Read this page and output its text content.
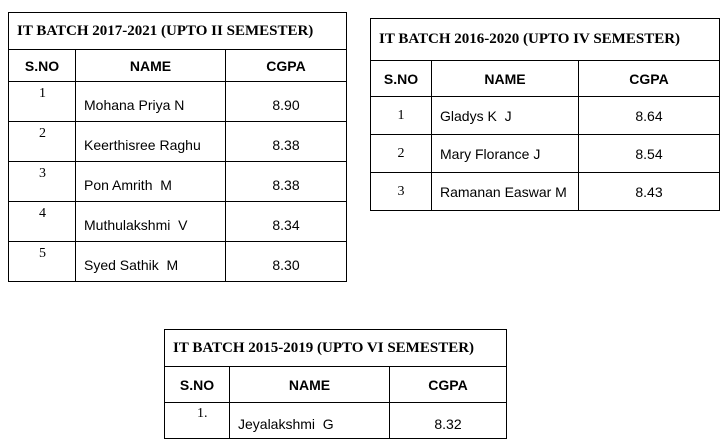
IT BATCH 2017-2021 (UPTO II SEMESTER)		
S.NO	NAME	CGPA
1	Mohana Priya N	8.90
2	Keerthisree Raghu	8.38
3	Pon Amrith  M	8.38
4	Muthulakshmi  V	8.34
5	Syed Sathik  M	8.30
IT BATCH 2016-2020 (UPTO IV SEMESTER)		
S.NO	NAME	CGPA
1	Gladys K  J	8.64
2	Mary Florance J	8.54
3	Ramanan Easwar M	8.43
IT BATCH 2015-2019 (UPTO VI SEMESTER)		
S.NO	NAME	CGPA
1.	Jeyalakshmi  G	8.32
